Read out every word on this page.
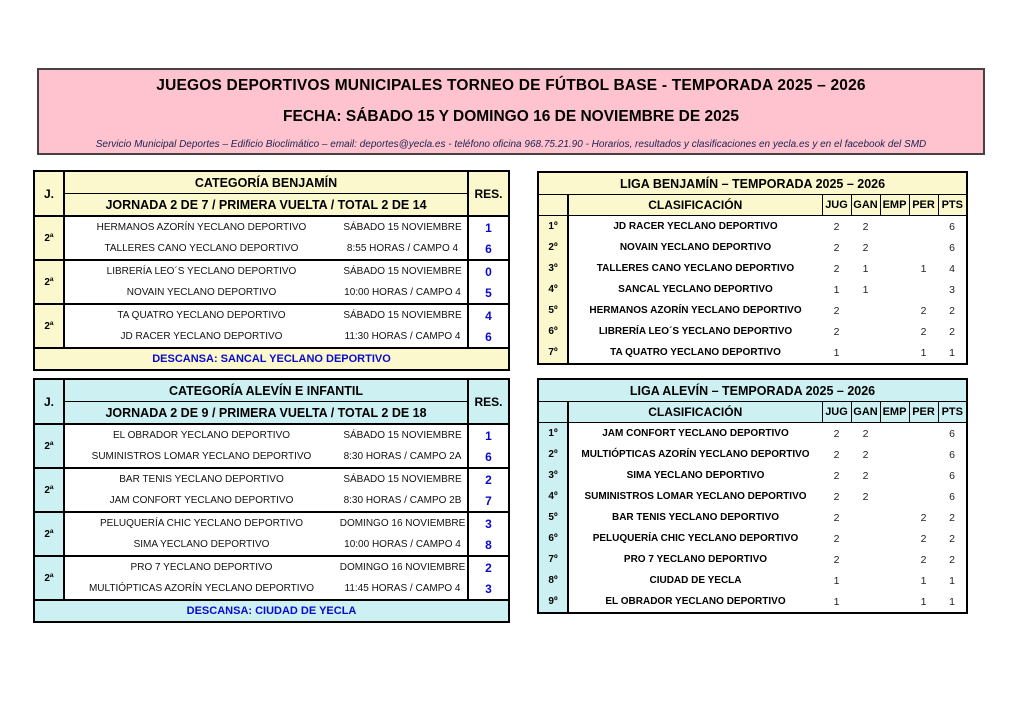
JUEGOS DEPORTIVOS MUNICIPALES TORNEO DE FÚTBOL BASE - TEMPORADA 2025 – 2026
FECHA: SÁBADO 15 Y DOMINGO 16 DE NOVIEMBRE DE 2025
Servicio Municipal Deportes – Edificio Bioclimático – email: deportes@yecla.es - teléfono oficina 968.75.21.90 - Horarios, resultados y clasificaciones en yecla.es y en el facebook del SMD
J.	CATEGORÍA BENJAMÍN		RES.
	JORNADA 2 DE 7 / PRIMERA VUELTA / TOTAL 2 DE 14		
2ª	HERMANOS AZORÍN YECLANO DEPORTIVO	SÁBADO 15 NOVIEMBRE	1
	TALLERES CANO YECLANO DEPORTIVO	8:55 HORAS / CAMPO 4	6
2ª	LIBRERÍA LEO´S YECLANO DEPORTIVO	SÁBADO 15 NOVIEMBRE	0
	NOVAIN YECLANO DEPORTIVO	10:00 HORAS / CAMPO 4	5
2ª	TA QUATRO YECLANO DEPORTIVO	SÁBADO 15 NOVIEMBRE	4
	JD RACER YECLANO DEPORTIVO	11:30 HORAS / CAMPO 4	6
DESCANSA: SANCAL YECLANO DEPORTIVO			
LIGA BENJAMÍN – TEMPORADA 2025 – 2026						
	CLASIFICACIÓN	JUG	GAN	EMP	PER	PTS
1º	JD RACER YECLANO DEPORTIVO	2	2			6
2º	NOVAIN YECLANO DEPORTIVO	2	2			6
3º	TALLERES CANO YECLANO DEPORTIVO	2	1		1	4
4º	SANCAL YECLANO DEPORTIVO	1	1			3
5º	HERMANOS AZORÍN YECLANO DEPORTIVO	2			2	2
6º	LIBRERÍA LEO´S YECLANO DEPORTIVO	2			2	2
7º	TA QUATRO YECLANO DEPORTIVO	1			1	1
J.	CATEGORÍA ALEVÍN E INFANTIL		RES.
	JORNADA 2 DE 9 / PRIMERA VUELTA / TOTAL 2 DE 18		
2ª	EL OBRADOR YECLANO DEPORTIVO	SÁBADO 15 NOVIEMBRE	1
	SUMINISTROS LOMAR YECLANO DEPORTIVO	8:30 HORAS / CAMPO 2A	6
2ª	BAR TENIS YECLANO DEPORTIVO	SÁBADO 15 NOVIEMBRE	2
	JAM CONFORT YECLANO DEPORTIVO	8:30 HORAS / CAMPO 2B	7
2ª	PELUQUERÍA CHIC YECLANO DEPORTIVO	DOMINGO 16 NOVIEMBRE	3
	SIMA YECLANO DEPORTIVO	10:00 HORAS / CAMPO 4	8
2ª	PRO 7 YECLANO DEPORTIVO	DOMINGO 16 NOVIEMBRE	2
	MULTIÓPTICAS AZORÍN YECLANO DEPORTIVO	11:45 HORAS / CAMPO 4	3
DESCANSA: CIUDAD DE YECLA			
LIGA ALEVÍN – TEMPORADA 2025 – 2026						
	CLASIFICACIÓN	JUG	GAN	EMP	PER	PTS
1º	JAM CONFORT YECLANO DEPORTIVO	2	2			6
2º	MULTIÓPTICAS AZORÍN YECLANO DEPORTIVO	2	2			6
3º	SIMA YECLANO DEPORTIVO	2	2			6
4º	SUMINISTROS LOMAR YECLANO DEPORTIVO	2	2			6
5º	BAR TENIS YECLANO DEPORTIVO	2			2	2
6º	PELUQUERÍA CHIC YECLANO DEPORTIVO	2			2	2
7º	PRO 7 YECLANO DEPORTIVO	2			2	2
8º	CIUDAD DE YECLA	1			1	1
9º	EL OBRADOR YECLANO DEPORTIVO	1			1	1
